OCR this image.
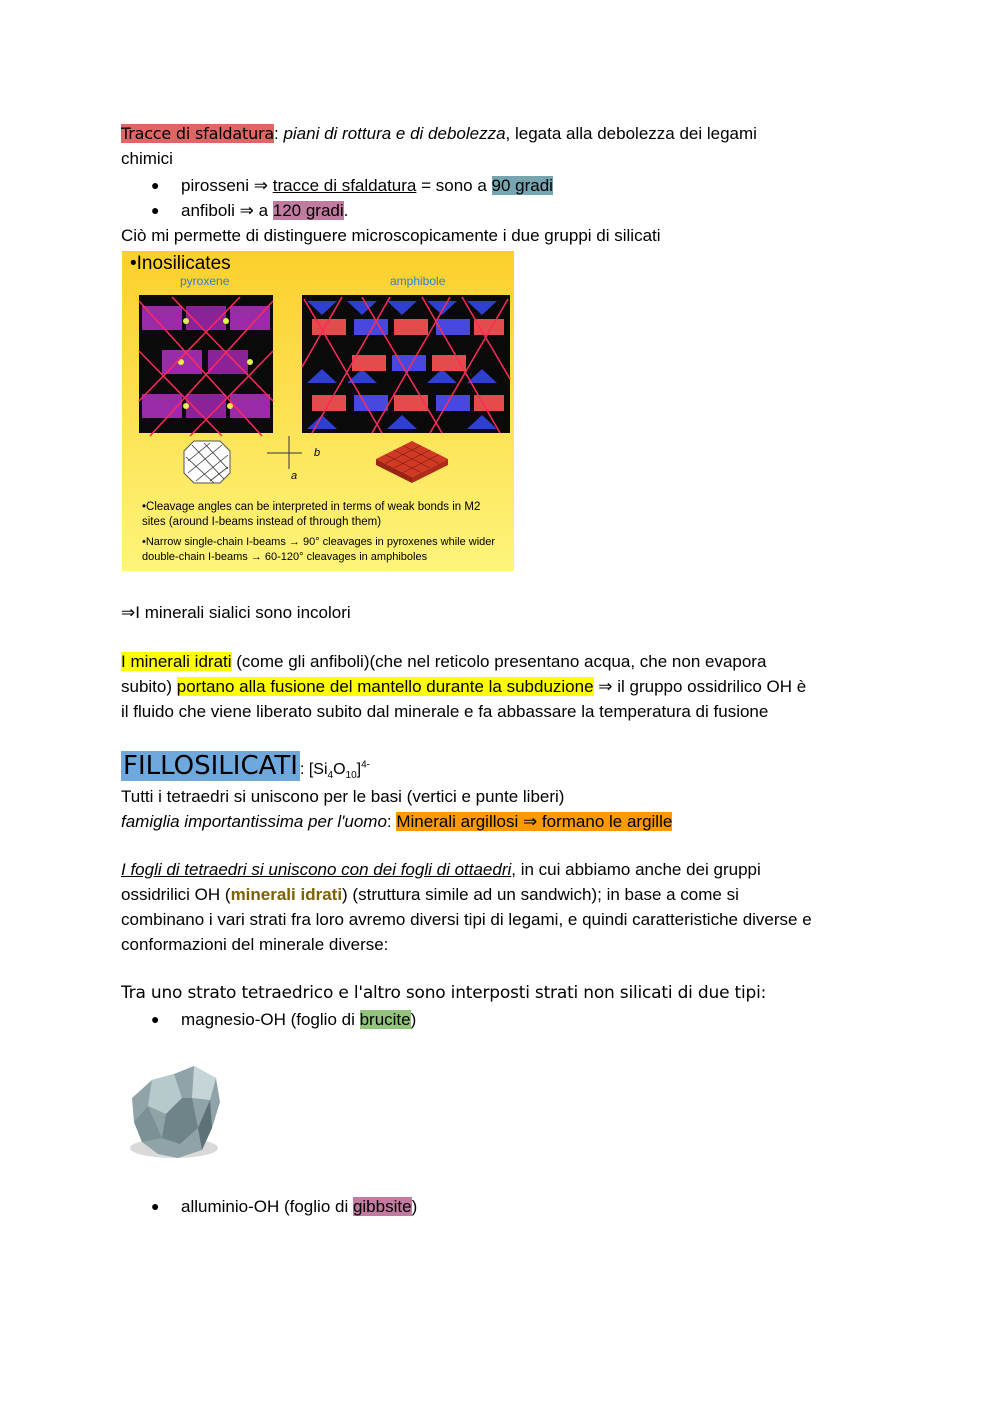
Tracce di sfaldatura: piani di rottura e di debolezza, legata alla debolezza dei legami
chimici
● pirosseni ⇒ tracce di sfaldatura = sono a 90 gradi
● anfiboli ⇒ a 120 gradi.
Ciò mi permette di distinguere microscopicamente i due gruppi di silicati
•Inosilicates
pyroxene	amphibole
b
a
•Cleavage angles can be interpreted in terms of weak bonds in M2
sites (around I-beams instead of through them)
•Narrow single-chain I-beams → 90° cleavages in pyroxenes while wider
double-chain I-beams → 60-120° cleavages in amphiboles
⇒I minerali sialici sono incolori
I minerali idrati (come gli anfiboli)(che nel reticolo presentano acqua, che non evapora
subito) portano alla fusione del mantello durante la subduzione ⇒ il gruppo ossidrilico OH è
il fluido che viene liberato subito dal minerale e fa abbassare la temperatura di fusione
FILLOSILICATI : $[Si_4O_{10}]^{4-}$
Tutti i tetraedri si uniscono per le basi (vertici e punte liberi)
famiglia importantissima per l'uomo: Minerali argillosi ⇒ formano le argille
I fogli di tetraedri si uniscono con dei fogli di ottaedri, in cui abbiamo anche dei gruppi
ossidrilici OH (minerali idrati) (struttura simile ad un sandwich); in base a come si
combinano i vari strati fra loro avremo diversi tipi di legami, e quindi caratteristiche diverse e
conformazioni del minerale diverse:
Tra uno strato tetraedrico e l'altro sono interposti strati non silicati di due tipi:
● magnesio-OH (foglio di brucite)
● alluminio-OH (foglio di gibbsite)
